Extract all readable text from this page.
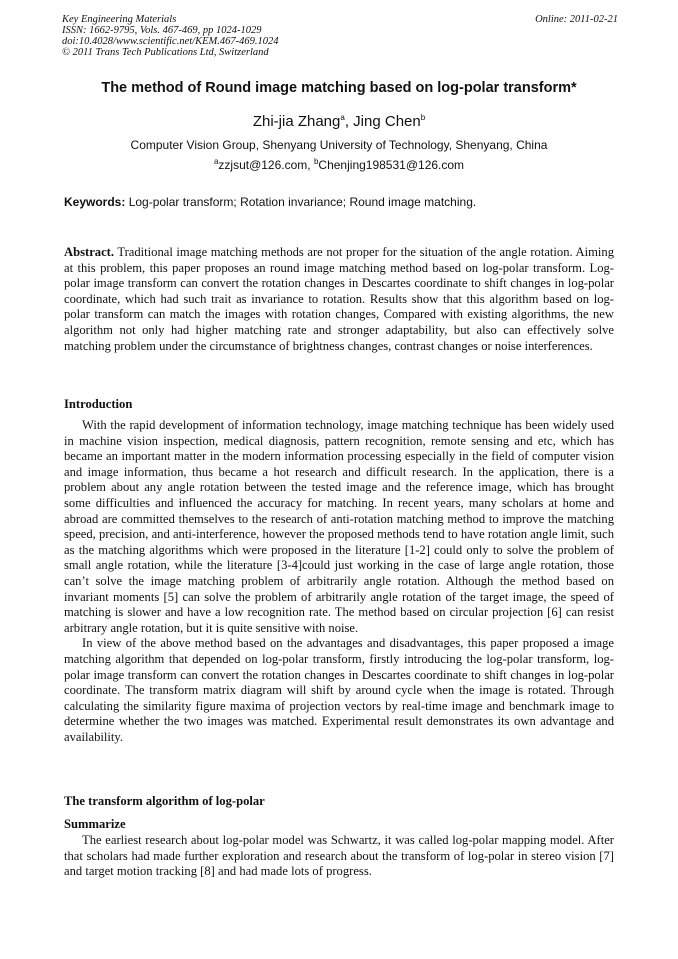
Key Engineering Materials	Online: 2011-02-21
ISSN: 1662-9795, Vols. 467-469, pp 1024-1029
doi:10.4028/www.scientific.net/KEM.467-469.1024
© 2011 Trans Tech Publications Ltd, Switzerland
The method of Round image matching based on log-polar transform*
Zhi-jia Zhang$^a$, Jing Chen$^b$
Computer Vision Group, Shenyang University of Technology, Shenyang, China
$^a$zzjsut@126.com, $^b$Chenjing198531@126.com
Keywords: Log-polar transform; Rotation invariance; Round image matching.

Abstract. Traditional image matching methods are not proper for the situation of the angle rotation. Aiming at this problem, this paper proposes an round image matching method based on log-polar transform. Log-polar image transform can convert the rotation changes in Descartes coordinate to shift changes in log-polar coordinate, which had such trait as invariance to rotation. Results show that this algorithm based on log-polar transform can match the images with rotation changes, Compared with existing algorithms, the new algorithm not only had higher matching rate and stronger adaptability, but also can effectively solve matching problem under the circumstance of brightness changes, contrast changes or noise interferences.

Introduction

With the rapid development of information technology, image matching technique has been widely used in machine vision inspection, medical diagnosis, pattern recognition, remote sensing and etc, which has became an important matter in the modern information processing especially in the field of computer vision and image information, thus became a hot research and difficult research. In the application, there is a problem about any angle rotation between the tested image and the reference image, which has brought some difficulties and influenced the accuracy for matching. In recent years, many scholars at home and abroad are committed themselves to the research of anti-rotation matching method to improve the matching speed, precision, and anti-interference, however the proposed methods tend to have rotation angle limit, such as the matching algorithms which were proposed in the literature [1-2] could only to solve the problem of small angle rotation, while the literature [3-4]could just working in the case of large angle rotation, those can’t solve the image matching problem of arbitrarily angle rotation. Although the method based on invariant moments [5] can solve the problem of arbitrarily angle rotation of the target image, the speed of matching is slower and have a low recognition rate. The method based on circular projection [6] can resist arbitrary angle rotation, but it is quite sensitive with noise.

In view of the above method based on the advantages and disadvantages, this paper proposed a image matching algorithm that depended on log-polar transform, firstly introducing the log-polar transform, log-polar image transform can convert the rotation changes in Descartes coordinate to shift changes in log-polar coordinate. The transform matrix diagram will shift by around cycle when the image is rotated. Through calculating the similarity figure maxima of projection vectors by real-time image and benchmark image to determine whether the two images was matched. Experimental result demonstrates its own advantage and availability.

The transform algorithm of log-polar
Summarize

The earliest research about log-polar model was Schwartz, it was called log-polar mapping model. After that scholars had made further exploration and research about the transform of log-polar in stereo vision [7] and target motion tracking [8] and had made lots of progress.
